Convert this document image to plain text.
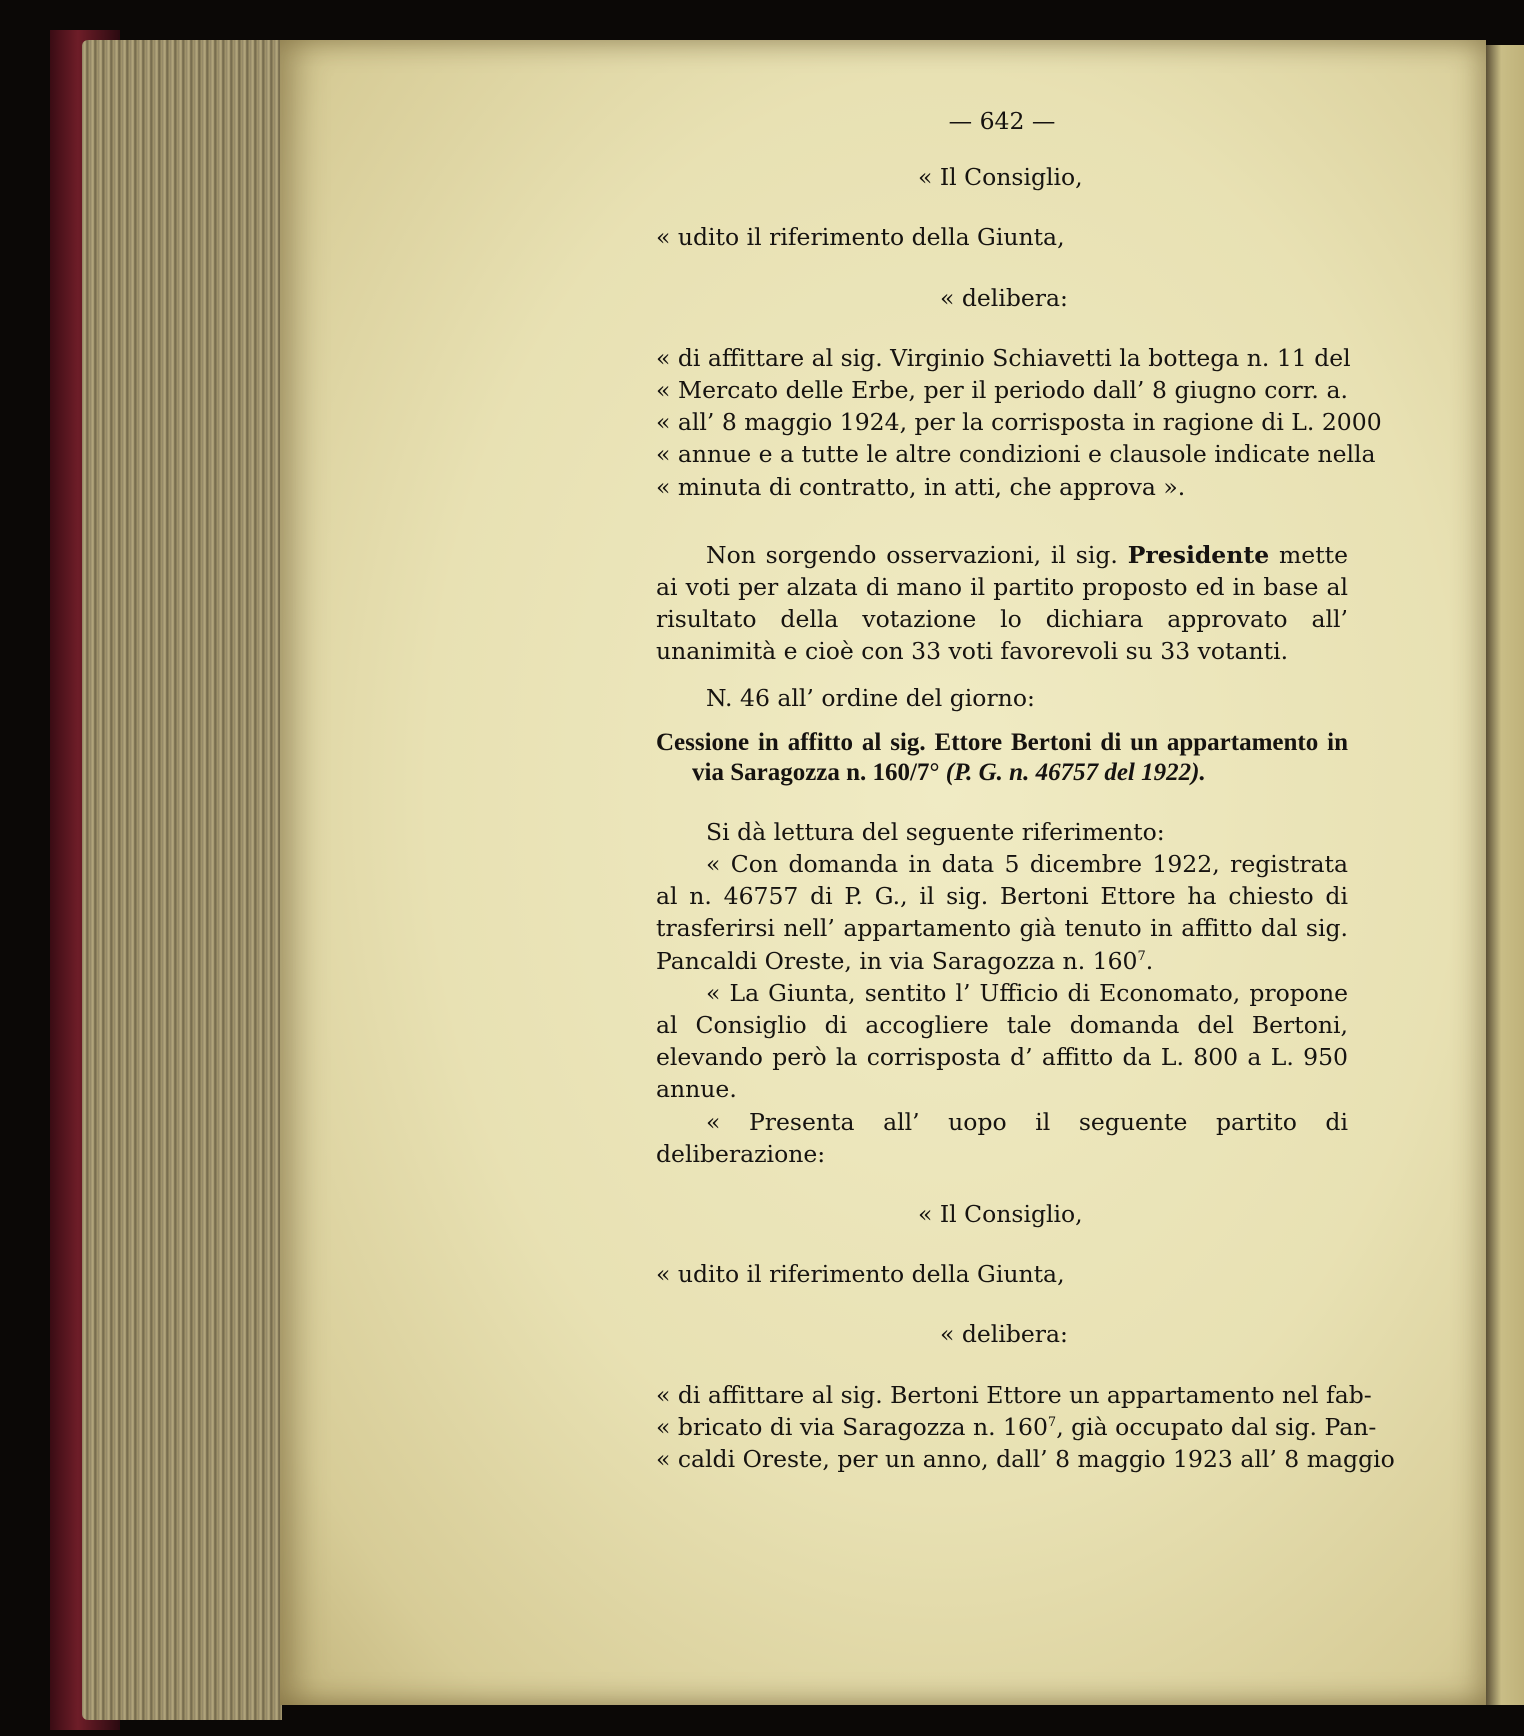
— 642 —

« Il Consiglio,

« udito il riferimento della Giunta,

« delibera:

« di affittare al sig. Virginio Schiavetti la bottega n. 11 del
« Mercato delle Erbe, per il periodo dall’ 8 giugno corr. a.
« all’ 8 maggio 1924, per la corrisposta in ragione di L. 2000
« annue e a tutte le altre condizioni e clausole indicate nella
« minuta di contratto, in atti, che approva ».

Non sorgendo osservazioni, il sig. Presidente mette ai voti per alzata di mano il partito proposto ed in base al risultato della votazione lo dichiara approvato all’ unanimità e cioè con 33 voti favorevoli su 33 votanti.

N. 46 all’ ordine del giorno:

Cessione in affitto al sig. Ettore Bertoni di un appartamento in via Saragozza n. 160/7° (P. G. n. 46757 del 1922).

Si dà lettura del seguente riferimento:

« Con domanda in data 5 dicembre 1922, registrata al n. 46757 di P. G., il sig. Bertoni Ettore ha chiesto di trasferirsi nell’ appartamento già tenuto in affitto dal sig. Pancaldi Oreste, in via Saragozza n. $160^7$.

« La Giunta, sentito l’ Ufficio di Economato, propone al Consiglio di accogliere tale domanda del Bertoni, elevando però la corrisposta d’ affitto da L. 800 a L. 950 annue.

« Presenta all’ uopo il seguente partito di deliberazione:

« Il Consiglio,

« udito il riferimento della Giunta,

« delibera:

« di affittare al sig. Bertoni Ettore un appartamento nel fab-
« bricato di via Saragozza n. $160^7$, già occupato dal sig. Pan-
« caldi Oreste, per un anno, dall’ 8 maggio 1923 all’ 8 maggio
